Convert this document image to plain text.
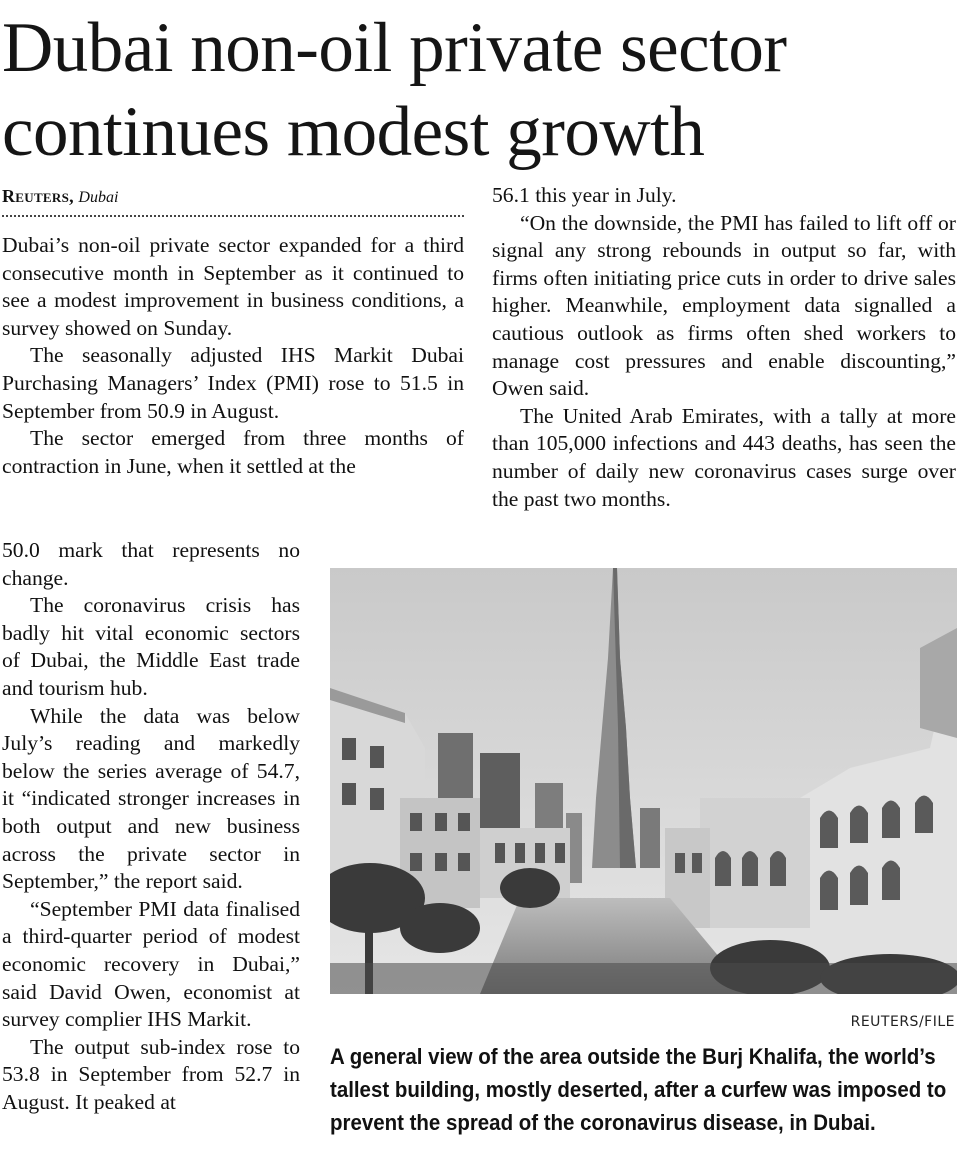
Dubai non-oil private sector continues modest growth
Reuters, Dubai

Dubai’s non-oil private sector expanded for a third consecutive month in September as it continued to see a modest improvement in business conditions, a survey showed on Sunday.

The seasonally adjusted IHS Markit Dubai Purchasing Managers’ Index (PMI) rose to 51.5 in September from 50.9 in August.

The sector emerged from three months of contraction in June, when it settled at the

50.0 mark that represents no change.

The coronavirus crisis has badly hit vital economic sectors of Dubai, the Middle East trade and tourism hub.

While the data was below July’s reading and markedly below the series average of 54.7, it “indicated stronger increases in both output and new business across the private sector in September,” the report said.

“September PMI data finalised a third-quarter period of modest economic recovery in Dubai,” said David Owen, economist at survey complier IHS Markit.

The output sub-index rose to 53.8 in September from 52.7 in August. It peaked at

56.1 this year in July.

“On the downside, the PMI has failed to lift off or signal any strong rebounds in output so far, with firms often initiating price cuts in order to drive sales higher. Meanwhile, employment data signalled a cautious outlook as firms often shed workers to manage cost pressures and enable discounting,” Owen said.

The United Arab Emirates, with a tally at more than 105,000 infections and 443 deaths, has seen the number of daily new coronavirus cases surge over the past two months.

REUTERS/FILE
A general view of the area outside the Burj Khalifa, the world’s tallest building, mostly deserted, after a curfew was imposed to prevent the spread of the coronavirus disease, in Dubai.
